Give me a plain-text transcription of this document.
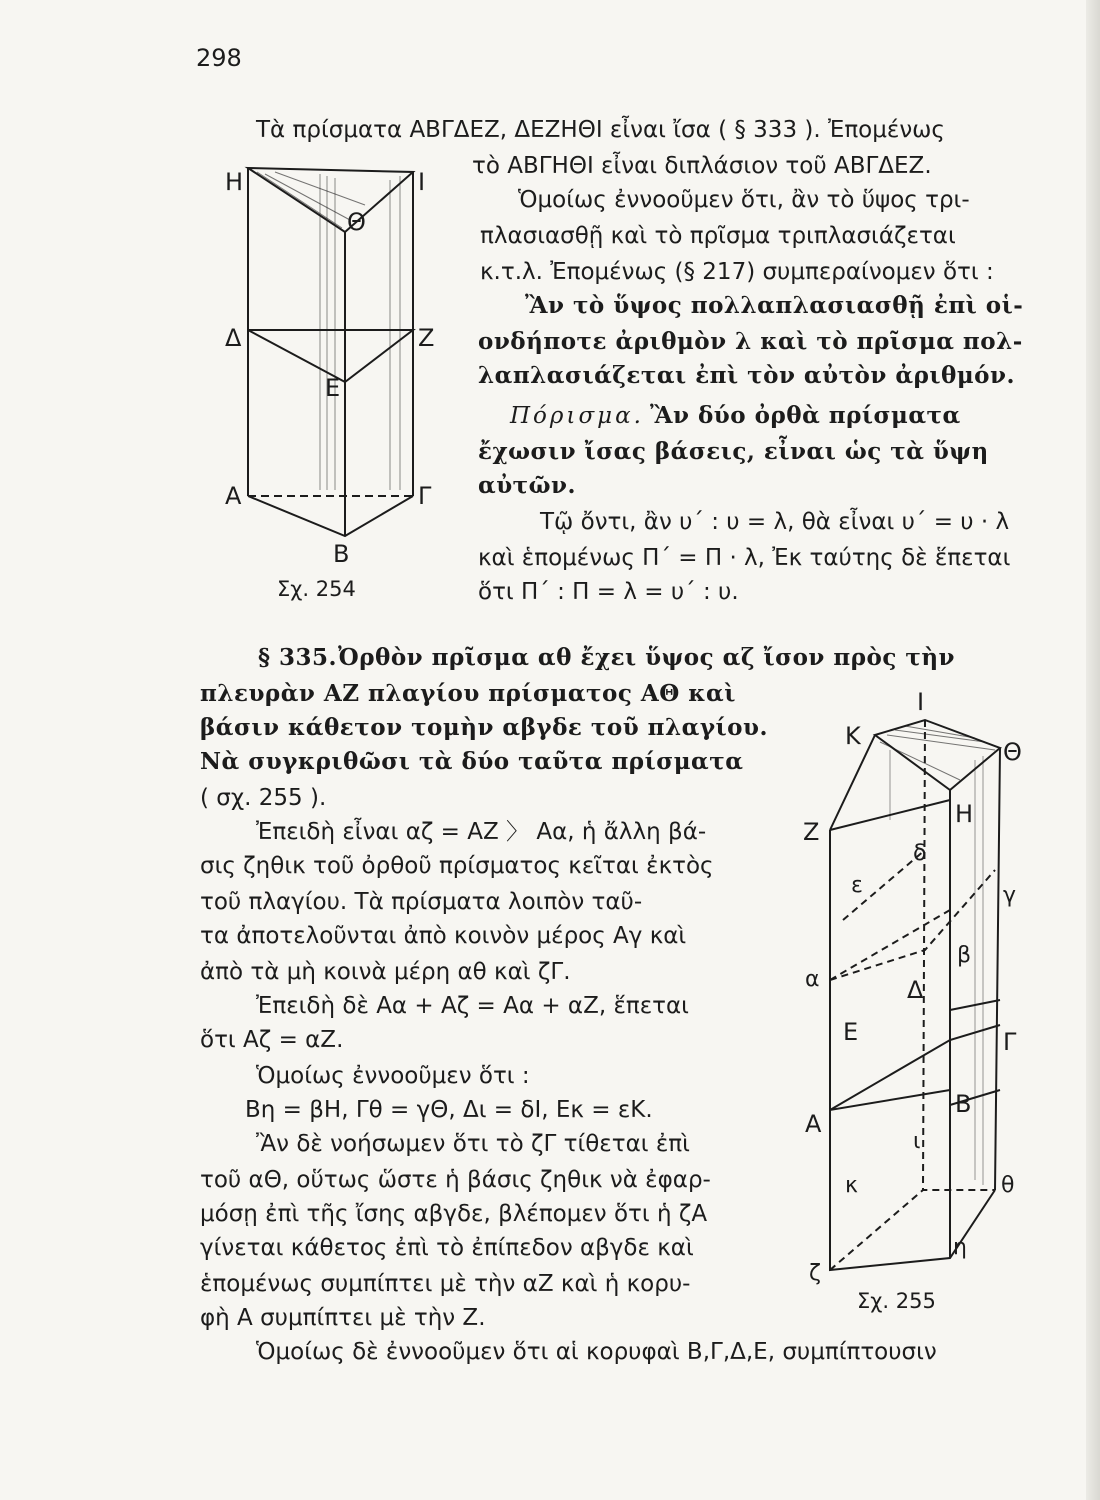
298
Τὰ πρίσματα ΑΒΓΔΕΖ, ΔΕΖΗΘΙ εἶναι ἴσα ( § 333 ). Ἐπομένως
τὸ ΑΒΓΗΘΙ εἶναι διπλάσιον τοῦ ΑΒΓΔΕΖ.
Ὁμοίως ἐννοοῦμεν ὅτι, ἂν τὸ ὕψος τρι-
πλασιασθῇ καὶ τὸ πρῖσμα τριπλασιάζεται
κ.τ.λ. Ἐπομένως (§ 217) συμπεραίνομεν ὅτι :
Ἂν τὸ ὕψος πολλαπλασιασθῇ ἐπὶ οἱ-
ονδήποτε ἀριθμὸν λ καὶ τὸ πρῖσμα πολ-
λαπλασιάζεται ἐπὶ τὸν αὐτὸν ἀριθμόν.
Πόρισμα. Ἂν δύο ὀρθὰ πρίσματα
ἔχωσιν ἴσας βάσεις, εἶναι ὡς τὰ ὕψη
αὐτῶν.
Τῷ ὄντι, ἂν υ΄ : υ = λ, θὰ εἶναι υ΄ = υ · λ
καὶ ἑπομένως Π΄ = Π · λ, Ἐκ ταύτης δὲ ἕπεται
ὅτι Π΄ : Π = λ = υ΄ : υ.
§ 335. Ὀρθὸν πρῖσμα αθ ἔχει ὕψος αζ ἴσον πρὸς τὴν
πλευρὰν ΑΖ πλαγίου πρίσματος ΑΘ καὶ
βάσιν κάθετον τομὴν αβγδε τοῦ πλαγίου.
Νὰ συγκριθῶσι τὰ δύο ταῦτα πρίσματα
( σχ. 255 ).
Ἐπειδὴ εἶναι αζ = ΑΖ 〉 Αα, ἡ ἄλλη βά-
σις ζηθικ τοῦ ὀρθοῦ πρίσματος κεῖται ἐκτὸς
τοῦ πλαγίου. Τὰ πρίσματα λοιπὸν ταῦ-
τα ἀποτελοῦνται ἀπὸ κοινὸν μέρος Αγ καὶ
ἀπὸ τὰ μὴ κοινὰ μέρη αθ καὶ ζΓ.
Ἐπειδὴ δὲ Αα + Αζ = Αα + αΖ, ἕπεται
ὅτι Αζ = αΖ.
Ὁμοίως ἐννοοῦμεν ὅτι :
Βη = βΗ, Γθ = γΘ, Δι = δΙ, Εκ = εΚ.
Ἂν δὲ νοήσωμεν ὅτι τὸ ζΓ τίθεται ἐπὶ
τοῦ αΘ, οὕτως ὥστε ἡ βάσις ζηθικ νὰ ἐφαρ-
μόσῃ ἐπὶ τῆς ἴσης αβγδε, βλέπομεν ὅτι ἡ ζΑ
γίνεται κάθετος ἐπὶ τὸ ἐπίπεδον αβγδε καὶ
ἑπομένως συμπίπτει μὲ τὴν αΖ καὶ ἡ κορυ-
φὴ Α συμπίπτει μὲ τὴν Ζ.
Ὁμοίως δὲ ἐννοοῦμεν ὅτι αἱ κορυφαὶ Β,Γ,Δ,Ε, συμπίπτουσιν
Η	Ι
Θ
Δ	Ζ
Ε
Α	Γ
Β
Σχ. 254
Ι
Κ
Θ
Η
Ζ
δ
ε	γ
β
α	Δ
Ε	Γ
Α
Β
ι
θ
κ
η
ζ
Σχ. 255
